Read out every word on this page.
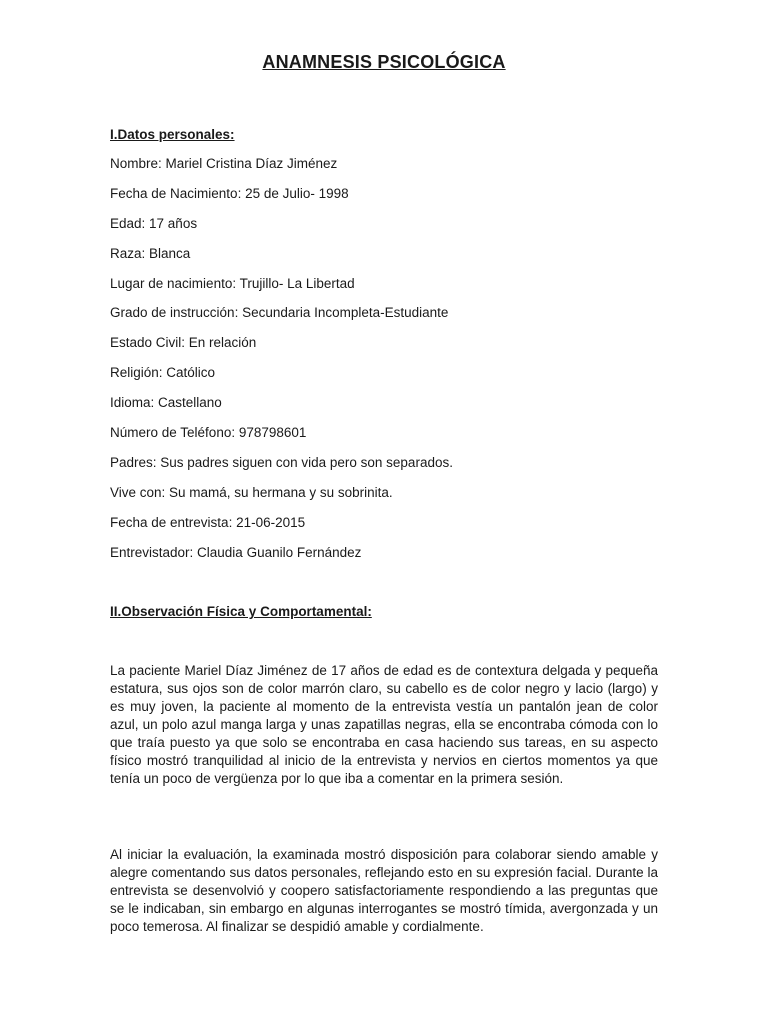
ANAMNESIS PSICOLÓGICA
I.Datos personales:
Nombre: Mariel Cristina Díaz Jiménez
Fecha de Nacimiento: 25 de Julio- 1998
Edad: 17 años
Raza: Blanca
Lugar de nacimiento: Trujillo- La Libertad
Grado de instrucción: Secundaria Incompleta-Estudiante
Estado Civil: En relación
Religión: Católico
Idioma: Castellano
Número de Teléfono: 978798601
Padres: Sus padres siguen con vida pero son separados.
Vive con: Su mamá, su hermana y su sobrinita.
Fecha de entrevista: 21-06-2015
Entrevistador: Claudia Guanilo Fernández
II.Observación Física y Comportamental:

La paciente Mariel Díaz Jiménez de 17 años de edad es de contextura delgada y pequeña estatura, sus ojos son de color marrón claro, su cabello es de color negro y lacio (largo) y es muy joven, la paciente al momento de la entrevista vestía un pantalón jean de color azul, un polo azul manga larga y unas zapatillas negras, ella se encontraba cómoda con lo que traía puesto ya que solo se encontraba en casa haciendo sus tareas, en su aspecto físico mostró tranquilidad al inicio de la entrevista y nervios en ciertos momentos ya que tenía un poco de vergüenza por lo que iba a comentar en la primera sesión.

Al iniciar la evaluación, la examinada mostró disposición para colaborar siendo amable y alegre comentando sus datos personales, reflejando esto en su expresión facial. Durante la entrevista se desenvolvió y coopero satisfactoriamente respondiendo a las preguntas que se le indicaban, sin embargo en algunas interrogantes se mostró tímida, avergonzada y un poco temerosa. Al finalizar se despidió amable y cordialmente.
